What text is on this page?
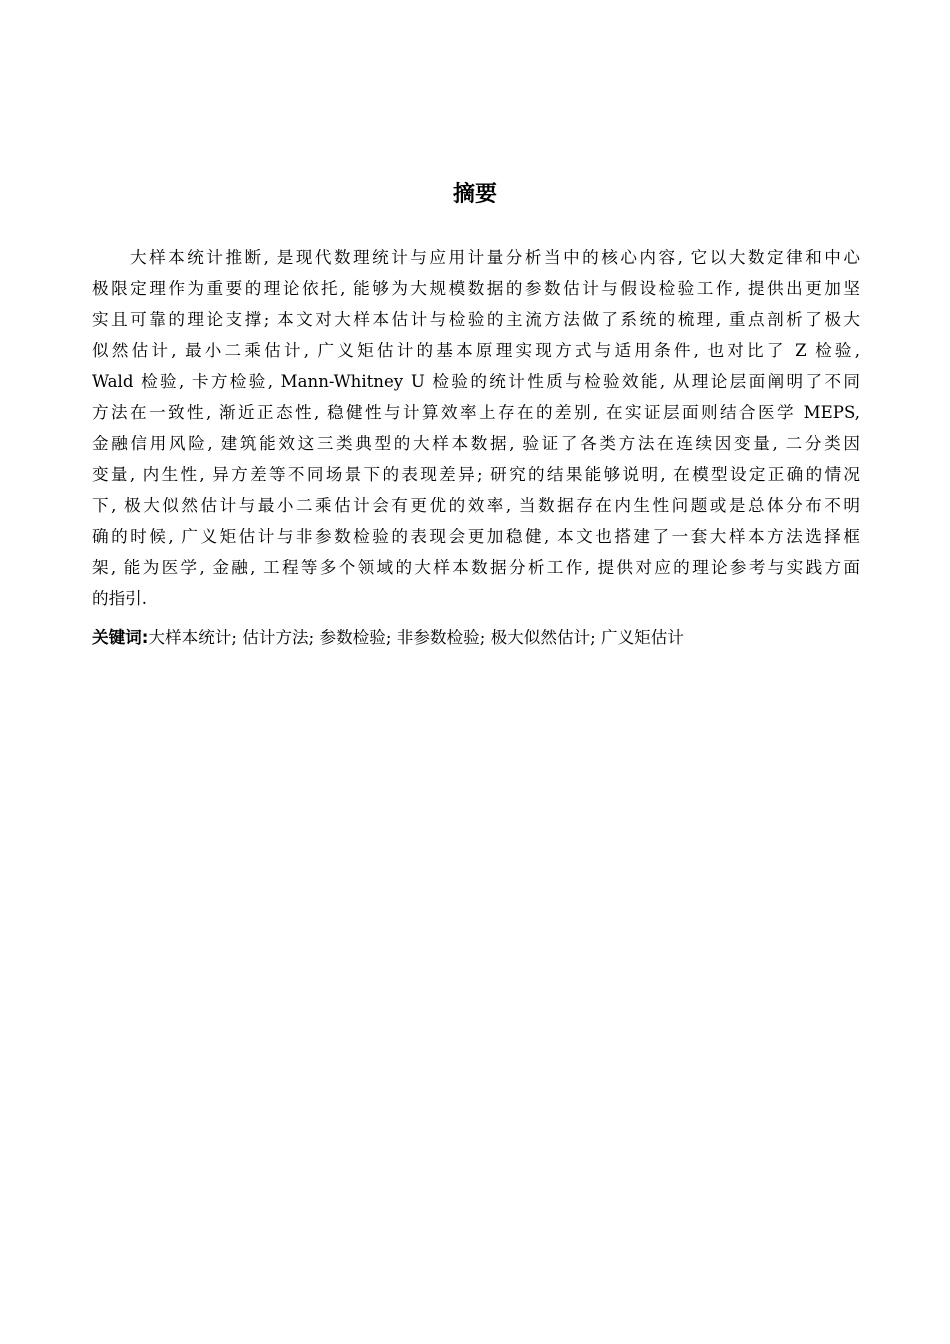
摘要
大样本统计推断, 是现代数理统计与应用计量分析当中的核心内容, 它以大数定律和中心
极限定理作为重要的理论依托, 能够为大规模数据的参数估计与假设检验工作, 提供出更加坚
实且可靠的理论支撑; 本文对大样本估计与检验的主流方法做了系统的梳理, 重点剖析了极大
似然估计, 最小二乘估计, 广义矩估计的基本原理实现方式与适用条件, 也对比了 Z 检验,
Wald 检验, 卡方检验, Mann-Whitney U 检验的统计性质与检验效能, 从理论层面阐明了不同
方法在一致性, 渐近正态性, 稳健性与计算效率上存在的差别, 在实证层面则结合医学 MEPS,
金融信用风险, 建筑能效这三类典型的大样本数据, 验证了各类方法在连续因变量, 二分类因
变量, 内生性, 异方差等不同场景下的表现差异; 研究的结果能够说明, 在模型设定正确的情况
下, 极大似然估计与最小二乘估计会有更优的效率, 当数据存在内生性问题或是总体分布不明
确的时候, 广义矩估计与非参数检验的表现会更加稳健, 本文也搭建了一套大样本方法选择框
架, 能为医学, 金融, 工程等多个领域的大样本数据分析工作, 提供对应的理论参考与实践方面
的指引.
关键词:大样本统计; 估计方法; 参数检验; 非参数检验; 极大似然估计; 广义矩估计
